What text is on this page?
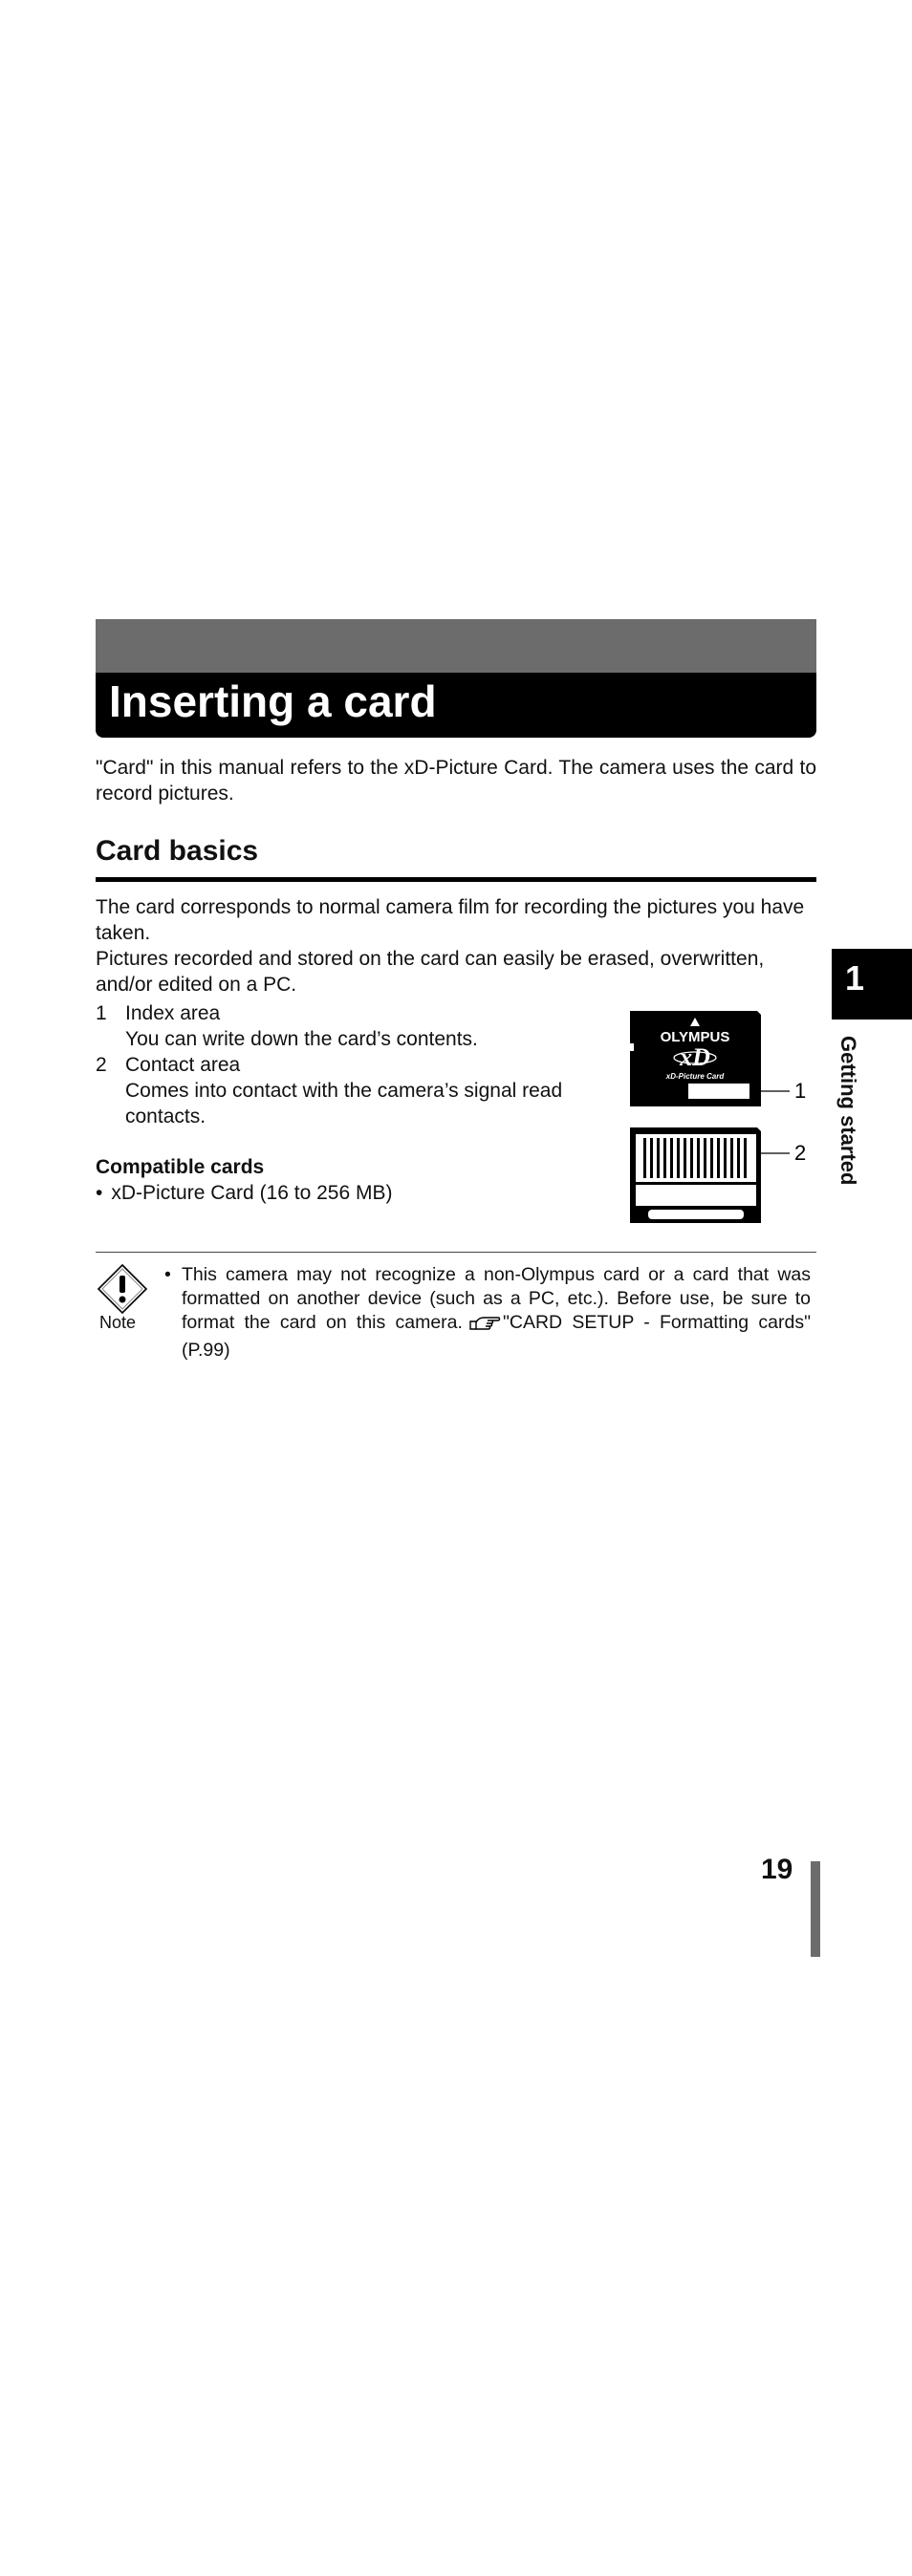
Inserting a card
"Card" in this manual refers to the xD-Picture Card. The camera uses the card to record pictures.
Card basics
The card corresponds to normal camera film for recording the pictures you have taken.
Pictures recorded and stored on the card can easily be erased, overwritten, and/or edited on a PC.
1 Index area
You can write down the card’s contents.
2 Contact area
Comes into contact with the camera’s signal read contacts.
Compatible cards
• xD-Picture Card (16 to 256 MB)
OLYMPUS
xD
xD-Picture Card
1
2
Note
• This camera may not recognize a non-Olympus card or a card that was formatted on another device (such as a PC, etc.). Before use, be sure to format the card on this camera. "CARD SETUP - Formatting cards" (P.99)
1
Getting started
19
